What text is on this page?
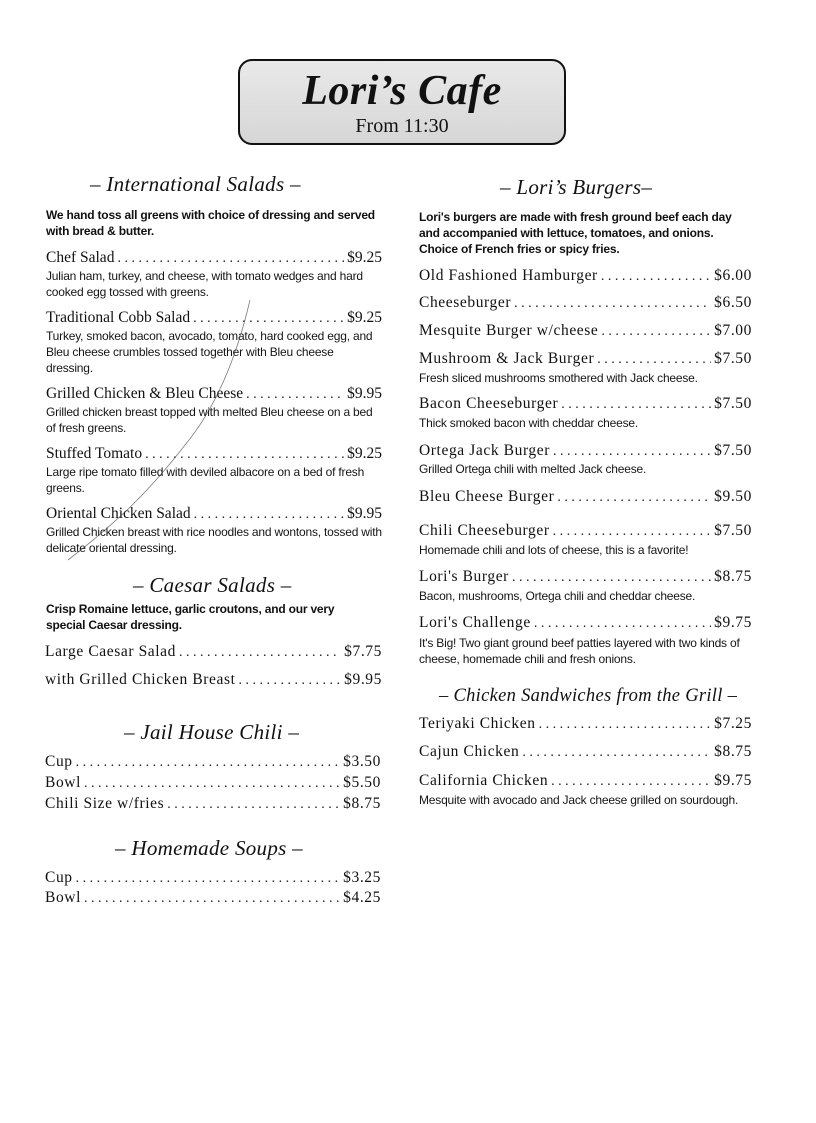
Lori’s Cafe
From 11:30
– International Salads –
We hand toss all greens with choice of dressing and served with bread & butter.
Chef Salad . . .	$9.25
Julian ham, turkey, and cheese, with tomato wedges and hard cooked egg tossed with greens.
Traditional Cobb Salad . . .	$9.25
Turkey, smoked bacon, avocado, tomato, hard cooked egg, and Bleu cheese crumbles tossed together with Bleu cheese dressing.
Grilled Chicken & Bleu Cheese . . .	$9.95
Grilled chicken breast topped with melted Bleu cheese on a bed of fresh greens.
Stuffed Tomato . . .	$9.25
Large ripe tomato filled with deviled albacore on a bed of fresh greens.
Oriental Chicken Salad . . .	$9.95
Grilled Chicken breast with rice noodles and wontons, tossed with delicate oriental dressing.
– Caesar Salads –
Crisp Romaine lettuce, garlic croutons, and our very special Caesar dressing.
Large Caesar Salad . . .	$7.75
with Grilled Chicken Breast . . .	$9.95
– Jail House Chili –
Cup . . .	$3.50
Bowl . . .	$5.50
Chili Size w/fries . . .	$8.75
– Homemade Soups –
Cup . . .	$3.25
Bowl . . .	$4.25
– Lori’s Burgers–
Lori's burgers are made with fresh ground beef each day and accompanied with lettuce, tomatoes, and onions. Choice of French fries or spicy fries.
Old Fashioned Hamburger . . .	$6.00
Cheeseburger . . .	$6.50
Mesquite Burger w/cheese . . .	$7.00
Mushroom & Jack Burger . . .	$7.50
Fresh sliced mushrooms smothered with Jack cheese.
Bacon Cheeseburger . . .	$7.50
Thick smoked bacon with cheddar cheese.
Ortega Jack Burger . . .	$7.50
Grilled Ortega chili with melted Jack cheese.
Bleu Cheese Burger . . .	$9.50
Chili Cheeseburger . . .	$7.50
Homemade chili and lots of cheese, this is a favorite!
Lori's Burger . . .	$8.75
Bacon, mushrooms, Ortega chili and cheddar cheese.
Lori's Challenge . . .	$9.75
It's Big! Two giant ground beef patties layered with two kinds of cheese, homemade chili and fresh onions.
– Chicken Sandwiches from the Grill –
Teriyaki Chicken . . .	$7.25
Cajun Chicken . . .	$8.75
California Chicken . . .	$9.75
Mesquite with avocado and Jack cheese grilled on sourdough.
